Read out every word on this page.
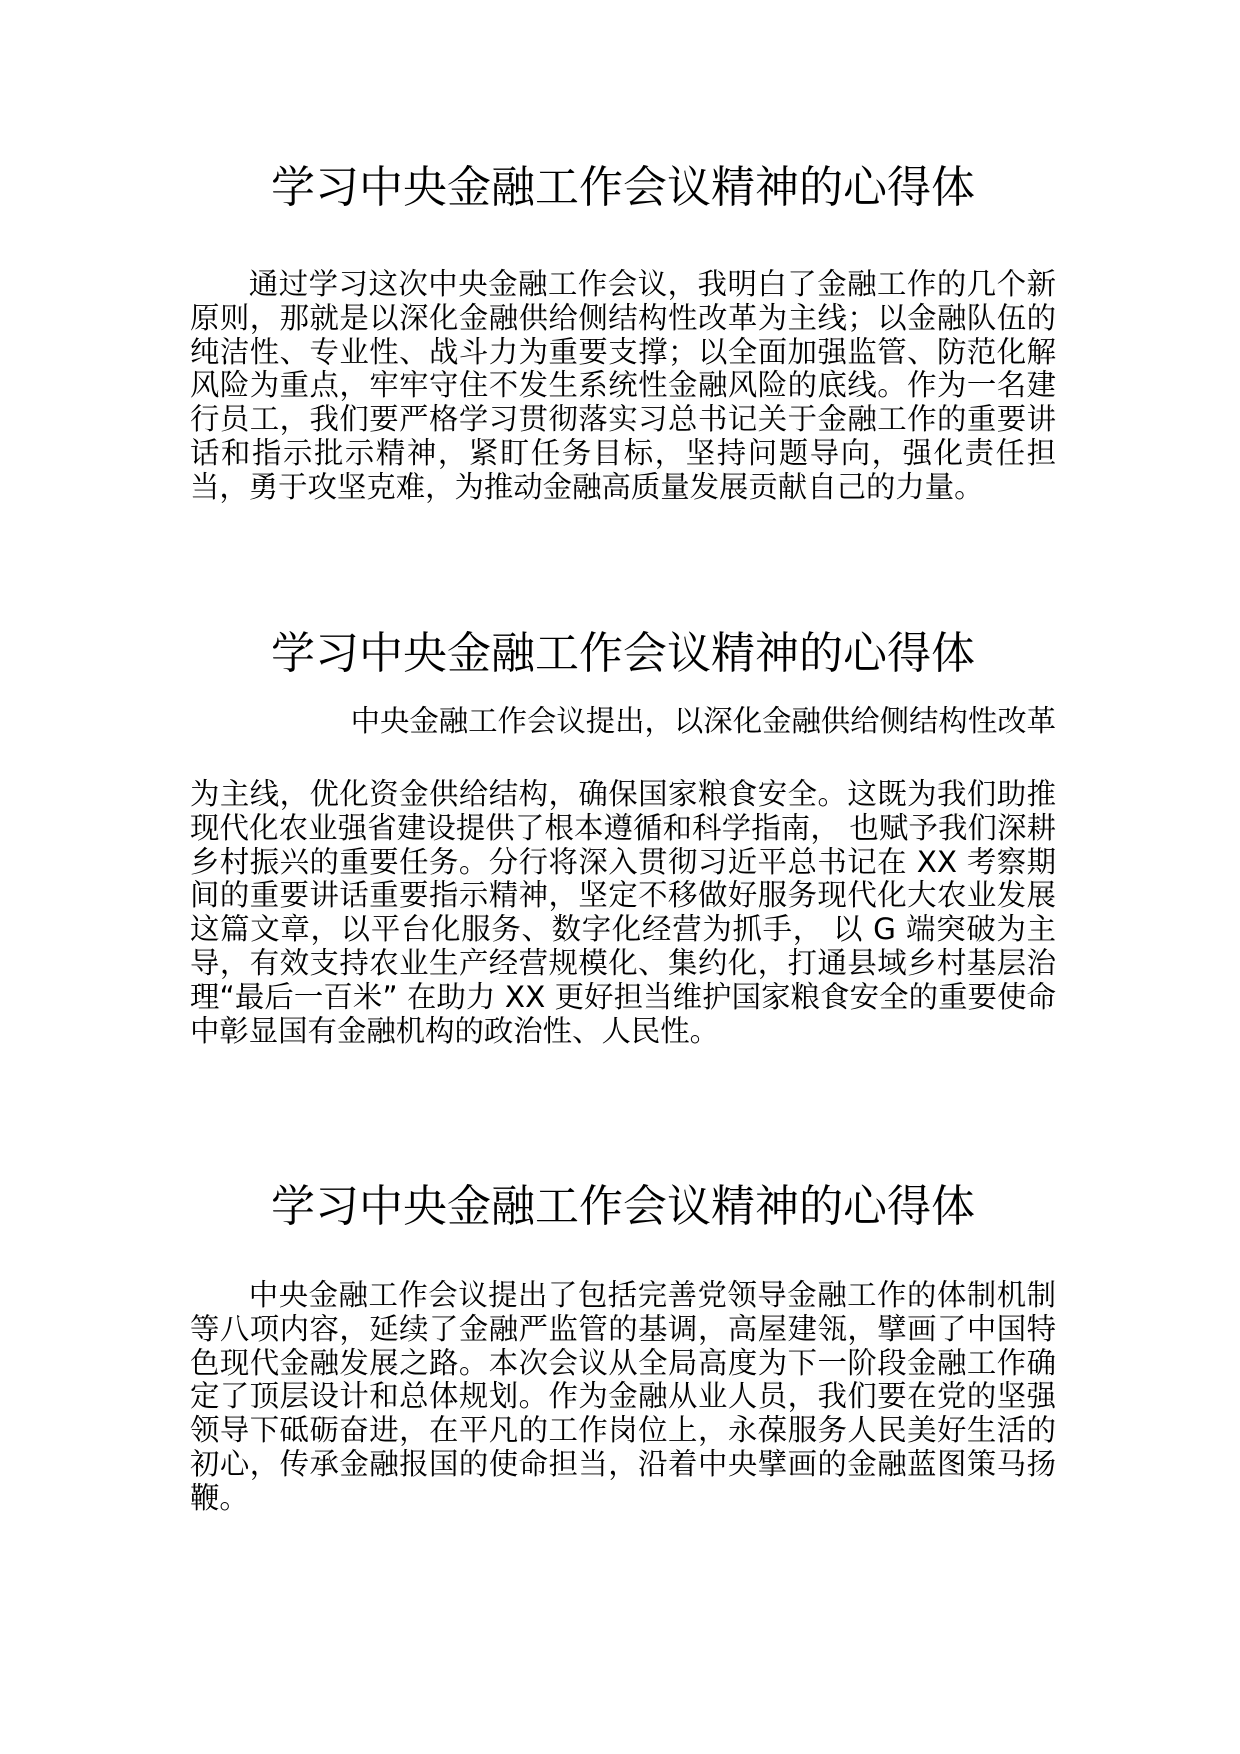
学习中央金融工作会议精神的心得体

通过学习这次中央金融工作会议，我明白了金融工作的几个新原则，那就是以深化金融供给侧结构性改革为主线；以金融队伍的纯洁性、专业性、战斗力为重要支撑；以全面加强监管、防范化解风险为重点，牢牢守住不发生系统性金融风险的底线。作为一名建行员工，我们要严格学习贯彻落实习总书记关于金融工作的重要讲话和指示批示精神，紧盯任务目标，坚持问题导向，强化责任担当，勇于攻坚克难，为推动金融高质量发展贡献自己的力量。

学习中央金融工作会议精神的心得体

中央金融工作会议提出，以深化金融供给侧结构性改革

为主线，优化资金供给结构，确保国家粮食安全。这既为我们助推现代化农业强省建设提供了根本遵循和科学指南， 也赋予我们深耕乡村振兴的重要任务。分行将深入贯彻习近平总书记在 XX 考察期间的重要讲话重要指示精神，坚定不移做好服务现代化大农业发展这篇文章，以平台化服务、数字化经营为抓手， 以 G 端突破为主导，有效支持农业生产经营规模化、集约化，打通县域乡村基层治理“最后一百米” 在助力 XX 更好担当维护国家粮食安全的重要使命中彰显国有金融机构的政治性、人民性。

学习中央金融工作会议精神的心得体

中央金融工作会议提出了包括完善党领导金融工作的体制机制等八项内容，延续了金融严监管的基调，高屋建瓴，擘画了中国特色现代金融发展之路。本次会议从全局高度为下一阶段金融工作确定了顶层设计和总体规划。作为金融从业人员，我们要在党的坚强领导下砥砺奋进，在平凡的工作岗位上，永葆服务人民美好生活的初心，传承金融报国的使命担当，沿着中央擘画的金融蓝图策马扬鞭。
